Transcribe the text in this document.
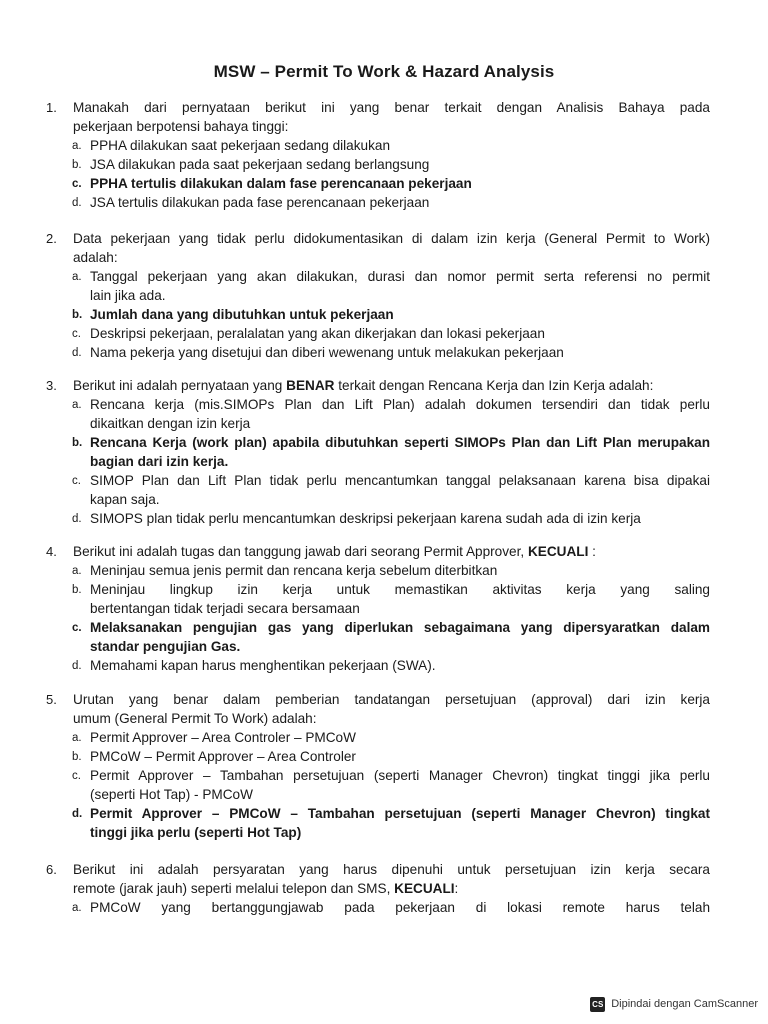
MSW – Permit To Work & Hazard Analysis
1. Manakah dari pernyataan berikut ini yang benar terkait dengan Analisis Bahaya pada
pekerjaan berpotensi bahaya tinggi:
a. PPHA dilakukan saat pekerjaan sedang dilakukan
b. JSA dilakukan pada saat pekerjaan sedang berlangsung
c. PPHA tertulis dilakukan dalam fase perencanaan pekerjaan
d. JSA tertulis dilakukan pada fase perencanaan pekerjaan
2. Data pekerjaan yang tidak perlu didokumentasikan di dalam izin kerja (General Permit to Work)
adalah:
a. Tanggal pekerjaan yang akan dilakukan, durasi dan nomor permit serta referensi no permit
lain jika ada.
b. Jumlah dana yang dibutuhkan untuk pekerjaan
c. Deskripsi pekerjaan, peralalatan yang akan dikerjakan dan lokasi pekerjaan
d. Nama pekerja yang disetujui dan diberi wewenang untuk melakukan pekerjaan
3. Berikut ini adalah pernyataan yang BENAR terkait dengan Rencana Kerja dan Izin Kerja adalah:
a. Rencana kerja (mis.SIMOPs Plan dan Lift Plan) adalah dokumen tersendiri dan tidak perlu
dikaitkan dengan izin kerja
b. Rencana Kerja (work plan) apabila dibutuhkan seperti SIMOPs Plan dan Lift Plan merupakan
bagian dari izin kerja.
c. SIMOP Plan dan Lift Plan tidak perlu mencantumkan tanggal pelaksanaan karena bisa dipakai
kapan saja.
d. SIMOPS plan tidak perlu mencantumkan deskripsi pekerjaan karena sudah ada di izin kerja
4. Berikut ini adalah tugas dan tanggung jawab dari seorang Permit Approver, KECUALI :
a. Meninjau semua jenis permit dan rencana kerja sebelum diterbitkan
b. Meninjau lingkup izin kerja untuk memastikan aktivitas kerja yang saling
bertentangan tidak terjadi secara bersamaan
c. Melaksanakan pengujian gas yang diperlukan sebagaimana yang dipersyaratkan dalam
standar pengujian Gas.
d. Memahami kapan harus menghentikan pekerjaan (SWA).
5. Urutan yang benar dalam pemberian tandatangan persetujuan (approval) dari izin kerja
umum (General Permit To Work) adalah:
a. Permit Approver – Area Controler – PMCoW
b. PMCoW – Permit Approver – Area Controler
c. Permit Approver – Tambahan persetujuan (seperti Manager Chevron) tingkat tinggi jika perlu
(seperti Hot Tap) - PMCoW
d. Permit Approver – PMCoW – Tambahan persetujuan (seperti Manager Chevron) tingkat
tinggi jika perlu (seperti Hot Tap)
6. Berikut ini adalah persyaratan yang harus dipenuhi untuk persetujuan izin kerja secara
remote (jarak jauh) seperti melalui telepon dan SMS, KECUALI:
a. PMCoW yang bertanggungjawab pada pekerjaan di lokasi remote harus telah
CS Dipindai dengan CamScanner
